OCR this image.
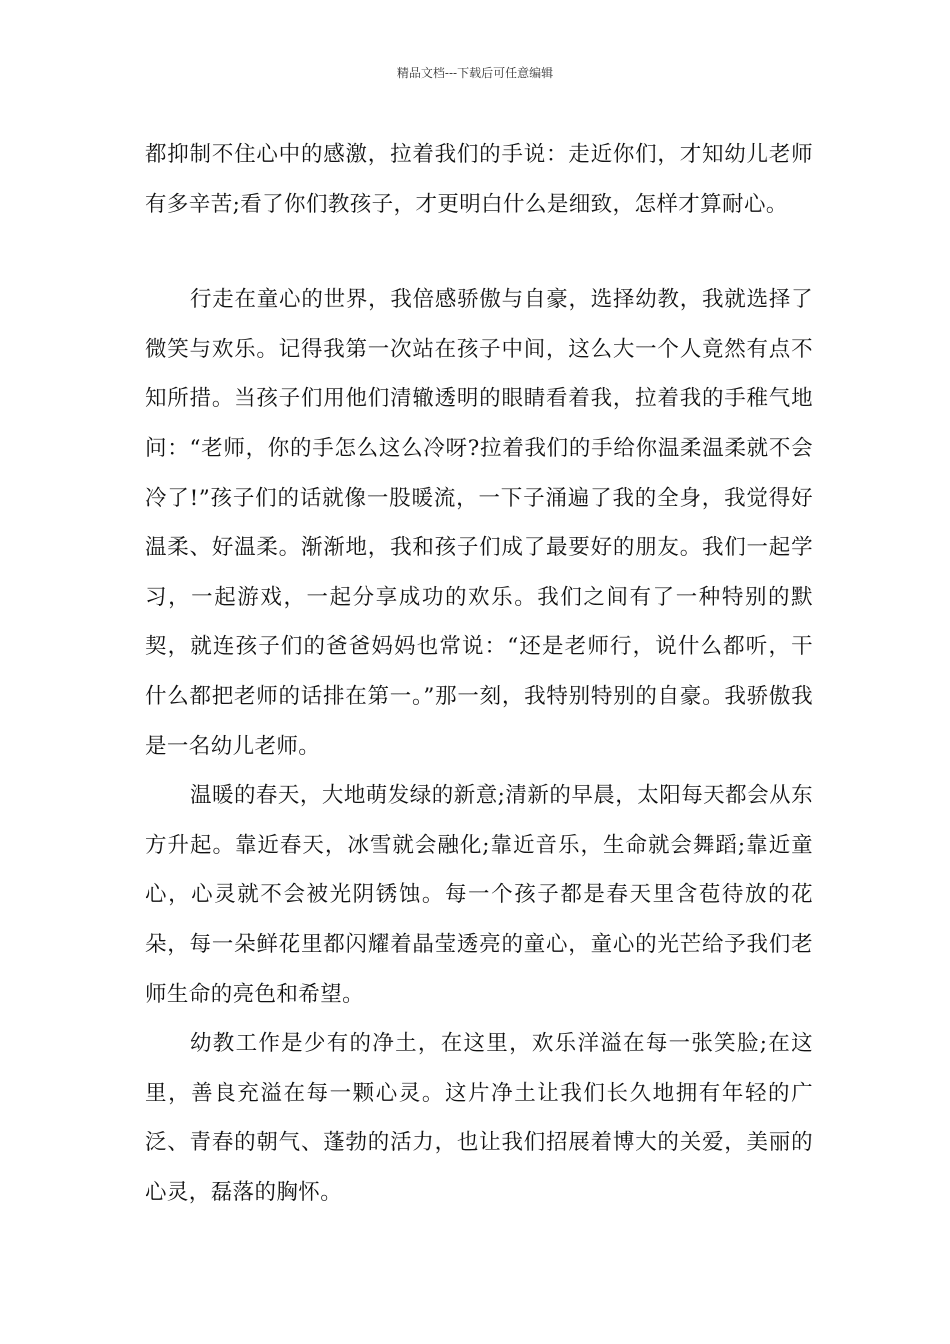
精品文档---下载后可任意编辑

都抑制不住心中的感激，拉着我们的手说：走近你们，才知幼儿老师有多辛苦;看了你们教孩子，才更明白什么是细致，怎样才算耐心。

行走在童心的世界，我倍感骄傲与自豪，选择幼教，我就选择了微笑与欢乐。记得我第一次站在孩子中间，这么大一个人竟然有点不知所措。当孩子们用他们清辙透明的眼睛看着我，拉着我的手稚气地问：“老师，你的手怎么这么冷呀?拉着我们的手给你温柔温柔就不会冷了!”孩子们的话就像一股暖流，一下子涌遍了我的全身，我觉得好温柔、好温柔。渐渐地，我和孩子们成了最要好的朋友。我们一起学习，一起游戏，一起分享成功的欢乐。我们之间有了一种特别的默契，就连孩子们的爸爸妈妈也常说：“还是老师行，说什么都听，干什么都把老师的话排在第一。”那一刻，我特别特别的自豪。我骄傲我是一名幼儿老师。

温暖的春天，大地萌发绿的新意;清新的早晨，太阳每天都会从东方升起。靠近春天，冰雪就会融化;靠近音乐，生命就会舞蹈;靠近童心，心灵就不会被光阴锈蚀。每一个孩子都是春天里含苞待放的花朵，每一朵鲜花里都闪耀着晶莹透亮的童心，童心的光芒给予我们老师生命的亮色和希望。

幼教工作是少有的净土，在这里，欢乐洋溢在每一张笑脸;在这里，善良充溢在每一颗心灵。这片净土让我们长久地拥有年轻的广泛、青春的朝气、蓬勃的活力，也让我们招展着博大的关爱，美丽的心灵，磊落的胸怀。
